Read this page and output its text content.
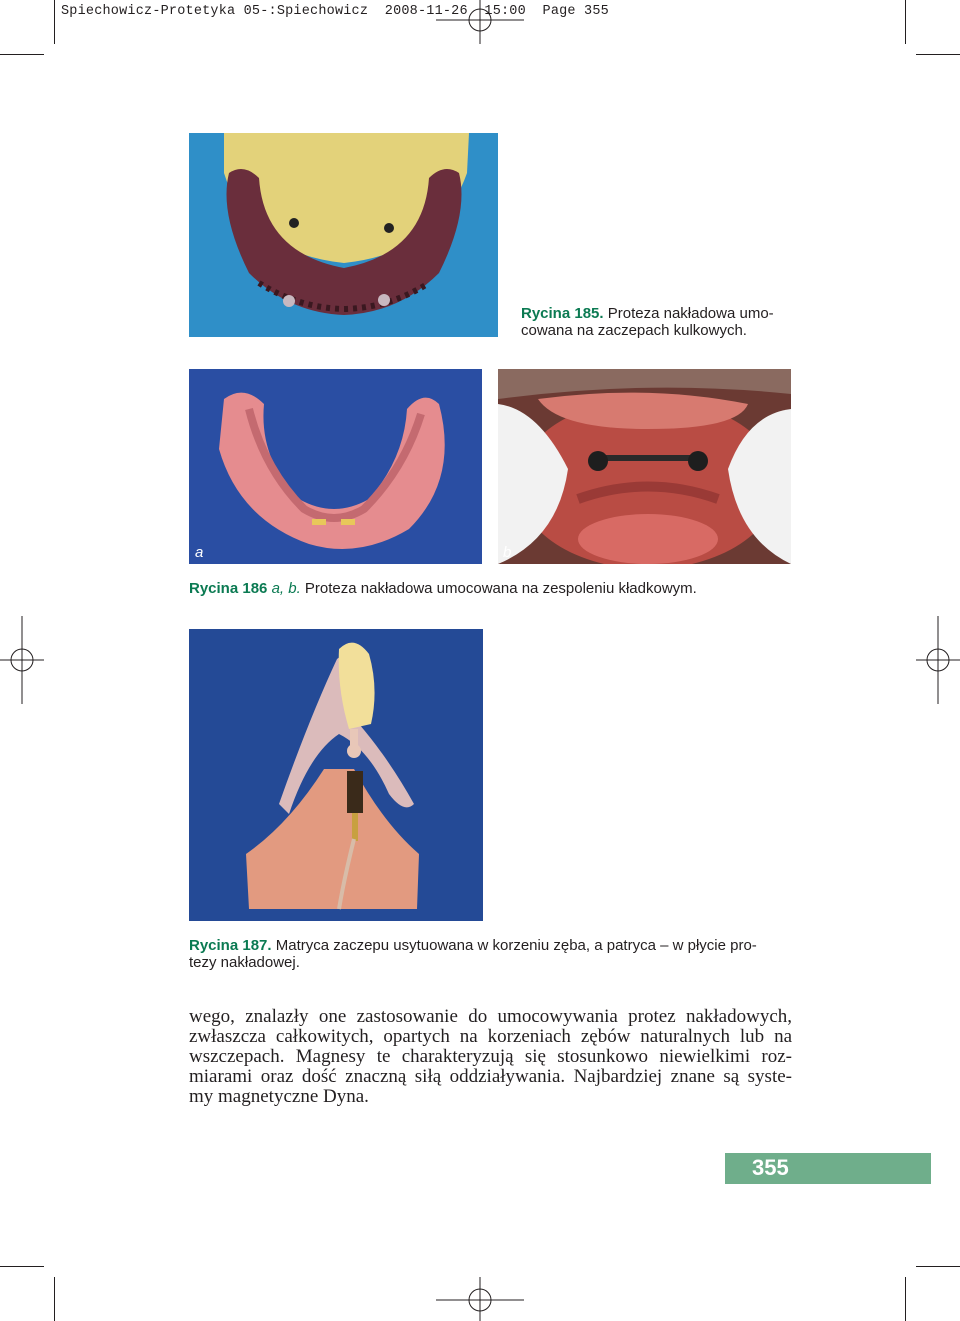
Spiechowicz-Protetyka 05-:Spiechowicz 2008-11-26 15:00 Page 355
Rycina 185. Proteza nakładowa umo-
cowana na zaczepach kulkowych.
a	b
Rycina 186 a, b. Proteza nakładowa umocowana na zespoleniu kładkowym.
Rycina 187. Matryca zaczepu usytuowana w korzeniu zęba, a patryca – w płycie pro-
tezy nakładowej.
wego, znalazły one zastosowanie do umocowywania protez nakładowych,
zwłaszcza całkowitych, opartych na korzeniach zębów naturalnych lub na
wszczepach. Magnesy te charakteryzują się stosunkowo niewielkimi roz-
miarami oraz dość znaczną siłą oddziaływania. Najbardziej znane są syste-
my magnetyczne Dyna.
355
